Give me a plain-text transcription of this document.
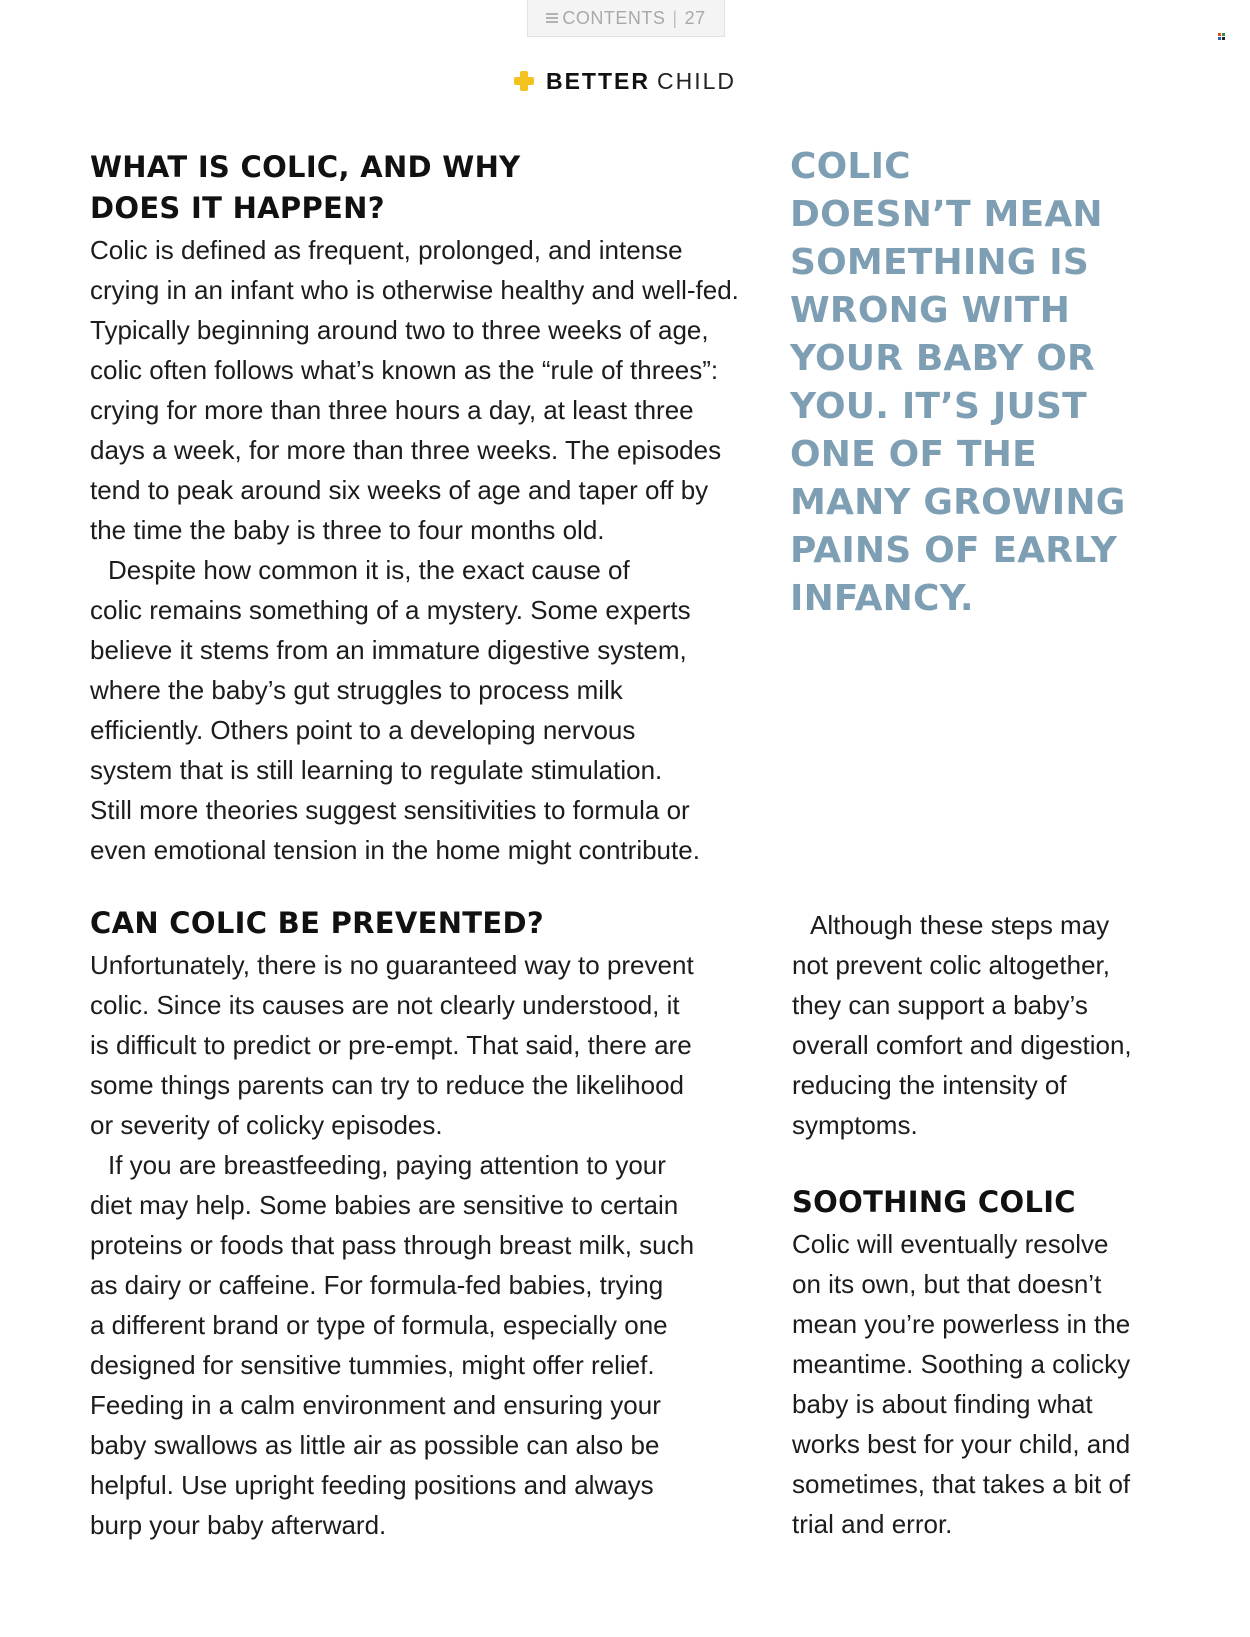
CONTENTS | 27
BETTER CHILD
WHAT IS COLIC, AND WHY
DOES IT HAPPEN?
Colic is defined as frequent, prolonged, and intense
crying in an infant who is otherwise healthy and well-fed.
Typically beginning around two to three weeks of age,
colic often follows what’s known as the “rule of threes”:
crying for more than three hours a day, at least three
days a week, for more than three weeks. The episodes
tend to peak around six weeks of age and taper off by
the time the baby is three to four months old.
Despite how common it is, the exact cause of
colic remains something of a mystery. Some experts
believe it stems from an immature digestive system,
where the baby’s gut struggles to process milk
efficiently. Others point to a developing nervous
system that is still learning to regulate stimulation.
Still more theories suggest sensitivities to formula or
even emotional tension in the home might contribute.
COLIC
DOESN’T MEAN
SOMETHING IS
WRONG WITH
YOUR BABY OR
YOU. IT’S JUST
ONE OF THE
MANY GROWING
PAINS OF EARLY
INFANCY.
CAN COLIC BE PREVENTED?
Unfortunately, there is no guaranteed way to prevent
colic. Since its causes are not clearly understood, it
is difficult to predict or pre-empt. That said, there are
some things parents can try to reduce the likelihood
or severity of colicky episodes.
If you are breastfeeding, paying attention to your
diet may help. Some babies are sensitive to certain
proteins or foods that pass through breast milk, such
as dairy or caffeine. For formula-fed babies, trying
a different brand or type of formula, especially one
designed for sensitive tummies, might offer relief.
Feeding in a calm environment and ensuring your
baby swallows as little air as possible can also be
helpful. Use upright feeding positions and always
burp your baby afterward.
Although these steps may
not prevent colic altogether,
they can support a baby’s
overall comfort and digestion,
reducing the intensity of
symptoms.
SOOTHING COLIC
Colic will eventually resolve
on its own, but that doesn’t
mean you’re powerless in the
meantime. Soothing a colicky
baby is about finding what
works best for your child, and
sometimes, that takes a bit of
trial and error.
